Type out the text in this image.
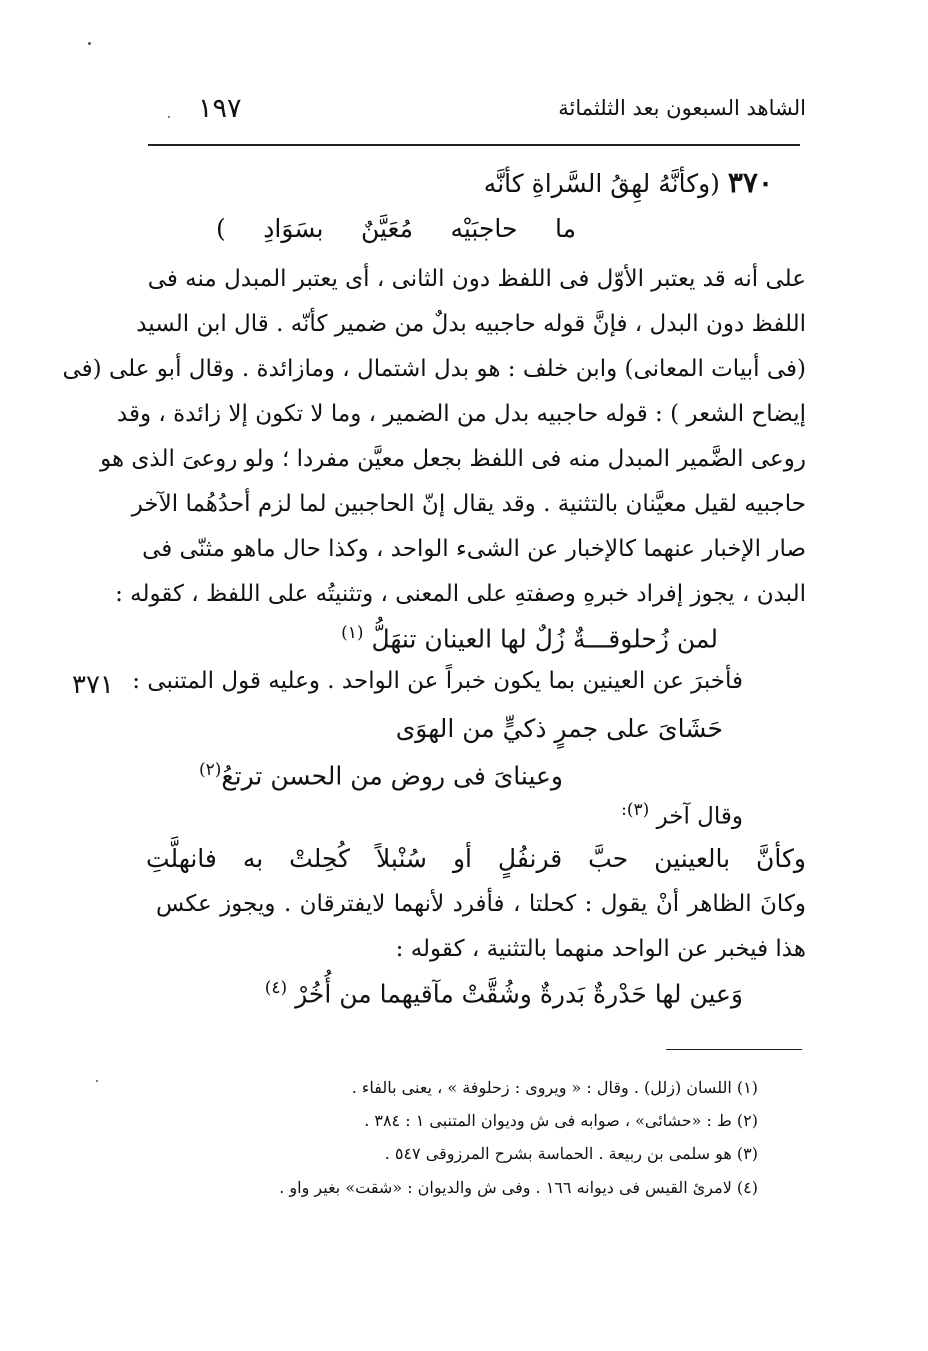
الشاهد السبعون بعد الثلثمائة
١٩٧
٣٧٠ (وكأنَّهُ لهِقُ السَّراةِ كأنَّه
ما حاجبَيْه مُعَيَّنٌ بسَوَادِ )
على أنه قد يعتبر الأوّل فى اللفظ دون الثانى ، أى يعتبر المبدل منه فى
اللفظ دون البدل ، فإنَّ قوله حاجبيه بدلٌ من ضمير كأنّه . قال ابن السيد
(فى أبيات المعانى) وابن خلف : هو بدل اشتمال ، ومازائدة . وقال أبو على (فى
إيضاح الشعر ) : قوله حاجبيه بدل من الضمير ، وما لا تكون إلا زائدة ، وقد
روعى الضَّمير المبدل منه فى اللفظ بجعل معيَّن مفردا ؛ ولو روعىَ الذى هو
حاجبيه لقيل معيَّنان بالتثنية . وقد يقال إنّ الحاجبين لما لزم أحدُهُما الآخر
صار الإخبار عنهما كالإخبار عن الشىء الواحد ، وكذا حال ماهو مثنّى فى
البدن ، يجوز إفراد خبرهِ وصفتهِ على المعنى ، وتثنيتُه على اللفظ ، كقوله :
لمن زُحلوقـــةٌ زُلٌ لها العينان تنهَلُّ $^{(١)}$
فأخبرَ عن العينين بما يكون خبراً عن الواحد . وعليه قول المتنبى :
٣٧١
حَشَاىَ على جمرٍ ذكيٍّ من الهوَى
وعيناىَ فى روض من الحسن ترتعُ$^{(٢)}$
وقال آخر $^{(٣):}$
وكأنَّ بالعينين حبَّ قرنفُلٍ أو سُنْبلاً كُحِلتْ به فانهلَّتِ
وكانَ الظاهر أنْ يقول : كحلتا ، فأفرد لأنهما لايفترقان . ويجوز عكس
هذا فيخبر عن الواحد منهما بالتثنية ، كقوله :
وَعين لها حَدْرةٌ بَدرةٌ وشُقَّتْ مآقيهما من أُخُرْ $^{(٤)}$
(١) اللسان (زلل) . وقال : « ويروى : زحلوفة » ، يعنى بالفاء .
(٢) ط : «حشائى» ، صوابه فى ش وديوان المتنبى ١ : ٣٨٤ .
(٣) هو سلمى بن ربيعة . الحماسة بشرح المرزوقى ٥٤٧ .
(٤) لامرئ القيس فى ديوانه ١٦٦ . وفى ش والديوان : «شقت» بغير واو .
